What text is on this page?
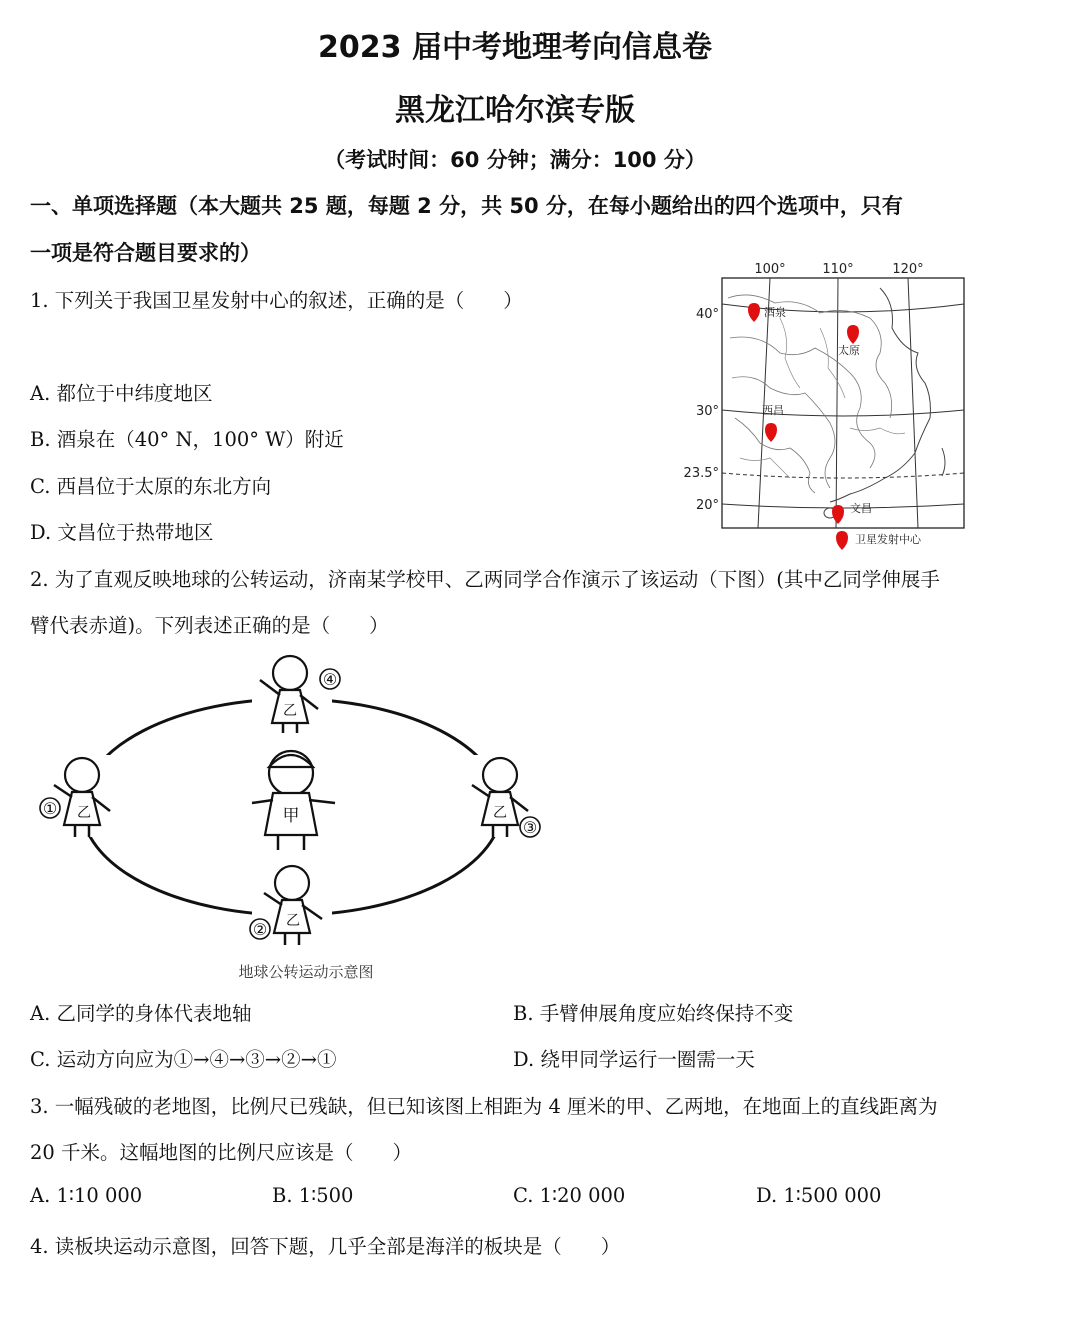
2023 届中考地理考向信息卷
黑龙江哈尔滨专版
（考试时间：60 分钟；满分：100 分）
一、单项选择题（本大题共 25 题，每题 2 分，共 50 分，在每小题给出的四个选项中，只有
一项是符合题目要求的）
1. 下列关于我国卫星发射中心的叙述，正确的是（　　）
A. 都位于中纬度地区
B. 酒泉在（40° N，100° W）附近
C. 西昌位于太原的东北方向
D. 文昌位于热带地区
100°	110°	120°
40°
30°
23.5°
20°
酒泉
太原
西昌
文昌
卫星发射中心
2. 为了直观反映地球的公转运动，济南某学校甲、乙两同学合作演示了该运动（下图）(其中乙同学伸展手
臂代表赤道)。下列表述正确的是（　　）
甲
乙
④
乙
①	乙
③
乙
②
地球公转运动示意图
A. 乙同学的身体代表地轴	B. 手臂伸展角度应始终保持不变
C. 运动方向应为①→④→③→②→①	D. 绕甲同学运行一圈需一天
3. 一幅残破的老地图，比例尺已残缺，但已知该图上相距为 4 厘米的甲、乙两地，在地面上的直线距离为
20 千米。这幅地图的比例尺应该是（　　）
A. 1∶10 000	B. 1∶500	C. 1∶20 000	D. 1∶500 000
4. 读板块运动示意图，回答下题，几乎全部是海洋的板块是（　　）
